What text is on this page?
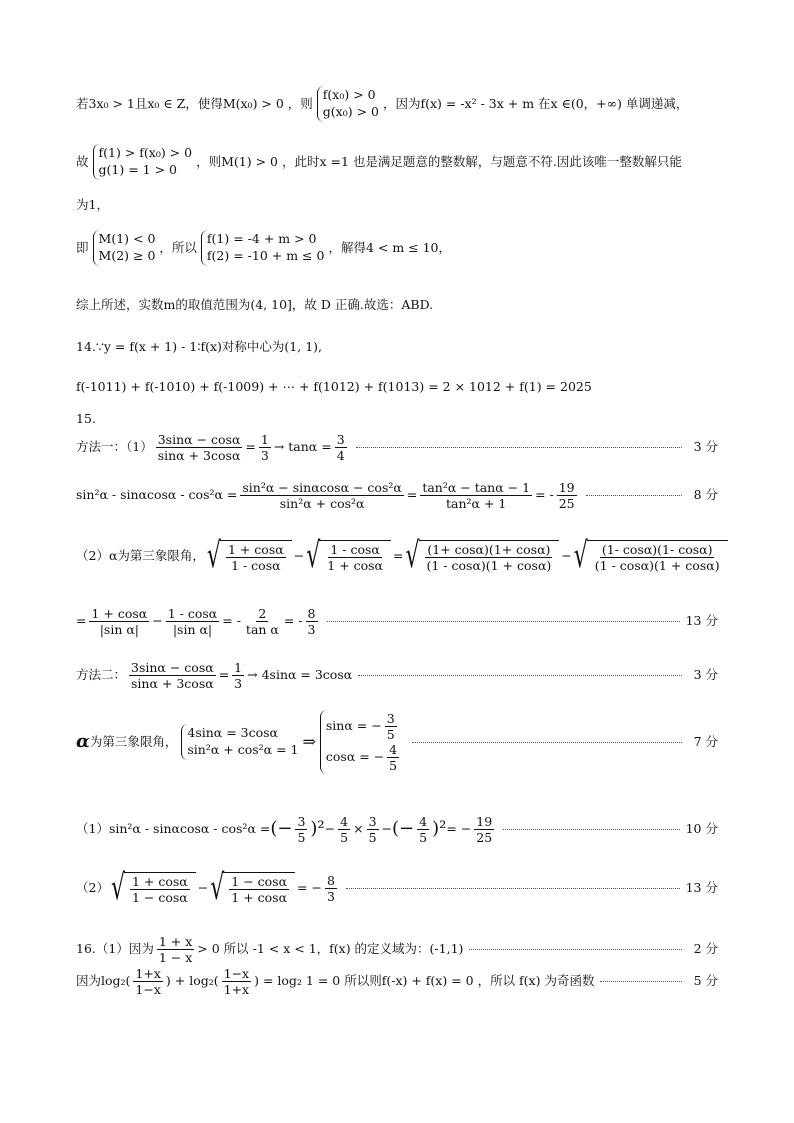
若3x₀ > 1且x₀ ∈ Z，使得M(x₀) > 0 ，则
f(x₀) > 0
g(x₀) > 0
，因为f(x) = -x² - 3x + m 在x ∈(0，+∞) 单调递减，
故
f(1) > f(x₀) > 0
g(1) = 1 > 0
，则M(1) > 0 ，此时x =1 也是满足题意的整数解，与题意不符.因此该唯一整数解只能
为1，
即
M(1) < 0
M(2) ≥ 0
，所以
f(1) = -4 + m > 0
f(2) = -10 + m ≤ 0
，解得4 < m ≤ 10，
综上所述，实数m的取值范围为(4, 10]，故 D 正确.故选：ABD.
14.∵y = f(x + 1) - 1∶f(x)对称中心为(1, 1),
f(-1011) + f(-1010) + f(-1009) + ⋯ + f(1012) + f(1013) = 2 × 1012 + f(1) = 2025
15.
方法一：$(1) \frac{3\sin\alpha - \cos\alpha}{\sin\alpha + 3\cos\alpha} = \frac{1}{3} \to \tan\alpha = \frac{3}{4}$	3 分
$\sin^2\alpha - \sin\alpha\cos\alpha - \cos^2\alpha = \frac{\text{sin²α − sinαcosα − cos²α}}{\text{sin²α + cos²α}} = \frac{\text{tan²α − tanα − 1}}{\text{tan²α + 1}}$ = - $\frac{19}{25}$	8 分
（2）α为第三象限角， √ $\frac{1 + \cos\alpha}{1 - \cos\alpha}$ − √ $\frac{1 - \cos\alpha}{1 + \cos\alpha}$ = √ $\frac{(1+ \cos\alpha)(1+ \cos\alpha)}{(1 - \cos\alpha)(1 + \cos\alpha)}$ − √ $\frac{(1- \cos\alpha)(1- \cos\alpha)}{(1 - \cos\alpha)(1 + \cos\alpha)}$
= $\frac{1 + \cos\alpha}{\text{|sin α|}} - \frac{1 - \cos\alpha}{\text{|sin α|}}$ = - $\frac{2}{\text{tan α}}$ = - $\frac{8}{3}$	13 分
方法二： $\frac{3\sin\alpha - \cos\alpha}{\sin\alpha + 3\cos\alpha} = \frac{1}{3} \to 4\sin\alpha = 3\cos\alpha$	3 分
α 为第三象限角，
4sinα = 3cosα
sin²α + cos²α = 1 ⇒
sinα = − $\frac{3}{5}$
cosα = − $\frac{4}{5}$
7 分
（1） sin²α - sinαcosα - cos²α = (− $\frac{3}{5} )^2 - \frac{4}{5} \times \frac{3}{5}$ − (− $\frac{4}{5} )^2$ = − $\frac{19}{25}$	10 分
（2） √ $\frac{1 + \cos\alpha}{1 - \cos\alpha}$ − √ $\frac{1 - \cos\alpha}{1 + \cos\alpha}$ = − $\frac{8}{3}$	13 分
16.（1）因为 $\frac{1 + x}{1 - x} > 0$ 所以 -1 < x < 1，f(x) 的定义域为：(-1,1)	2 分
因为$\log_2( \frac{1+x}{1-x}$ ) + $\log_2( \frac{1-x}{1+x}$ ) = log₂ 1 = 0 所以则f(-x) + f(x) = 0 ，所以 f(x) 为奇函数	5 分
